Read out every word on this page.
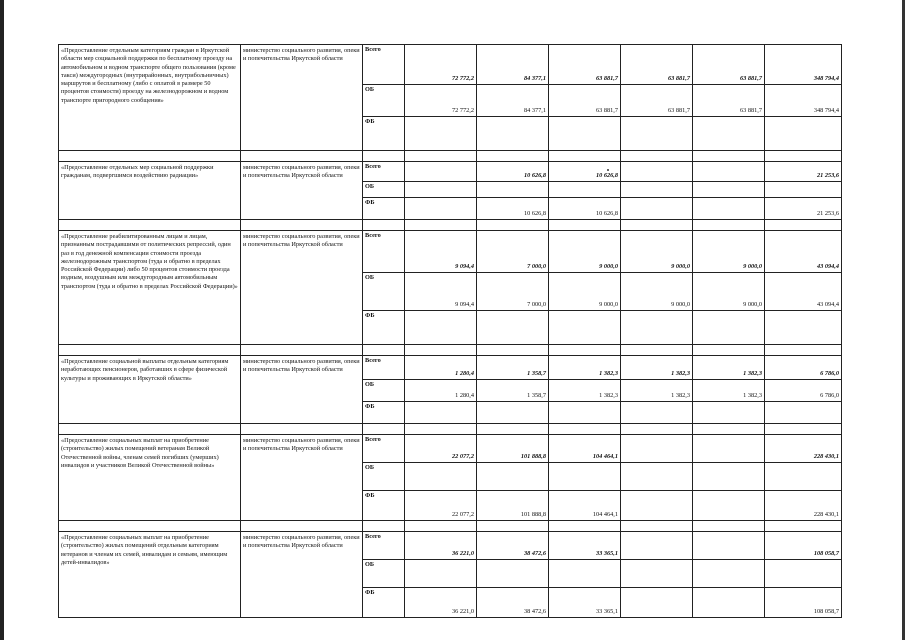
«Предоставление отдельным категориям граждан в Иркутской области мер социальной поддержки по бесплатному проезду на автомобильном и водном транспорте общего пользования (кроме такси) междугородных (внутрирайонных, внутрибольничных) маршрутов и бесплатному (либо с оплатой в размере 50 процентов стоимости) проезду на железнодорожном и водном транспорте пригородного сообщения»	министерство социального развития, опеки и попечительства Иркутской области	Всего	72 772,2	84 377,1	63 881,7	63 881,7	63 881,7	348 794,4
		ОБ	72 772,2	84 377,1	63 881,7	63 881,7	63 881,7	348 794,4
		ФБ						

«Предоставление отдельных мер социальной поддержки гражданам, подвергшимся воздействию радиации»	министерство социального развития, опеки и попечительства Иркутской области	Всего		10 626,8	10 626,8			21 253,6
		ОБ						
		ФБ		10 626,8	10 626,8			21 253,6

«Предоставление реабилитированным лицам и лицам, признанным пострадавшими от политических репрессий, один раз в год денежной компенсации стоимости проезда железнодорожным транспортом (туда и обратно в пределах Российской Федерации) либо 50 процентов стоимости проезда водным, воздушным или междугородным автомобильным транспортом (туда и обратно в пределах Российской Федерации)»	министерство социального развития, опеки и попечительства Иркутской области	Всего	9 094,4	7 000,0	9 000,0	9 000,0	9 000,0	43 094,4
		ОБ	9 094,4	7 000,0	9 000,0	9 000,0	9 000,0	43 094,4
		ФБ						

«Предоставление социальной выплаты отдельным категориям неработающих пенсионеров, работавших в сфере физической культуры и проживающих в Иркутской области»	министерство социального развития, опеки и попечительства Иркутской области	Всего	1 280,4	1 358,7	1 382,3	1 382,3	1 382,3	6 786,0
		ОБ	1 280,4	1 358,7	1 382,3	1 382,3	1 382,3	6 786,0
		ФБ						

«Предоставление социальных выплат на приобретение (строительство) жилых помещений ветеранам Великой Отечественной войны, членам семей погибших (умерших) инвалидов и участников Великой Отечественной войны»	министерство социального развития, опеки и попечительства Иркутской области	Всего	22 077,2	101 888,8	104 464,1			228 430,1
		ОБ						
		ФБ	22 077,2	101 888,8	104 464,1			228 430,1

«Предоставление социальных выплат на приобретение (строительство) жилых помещений отдельным категориям ветеранов и членам их семей, инвалидам и семьям, имеющим детей-инвалидов»	министерство социального развития, опеки и попечительства Иркутской области	Всего	36 221,0	38 472,6	33 365,1			108 058,7
		ОБ						
		ФБ	36 221,0	38 472,6	33 365,1			108 058,7
